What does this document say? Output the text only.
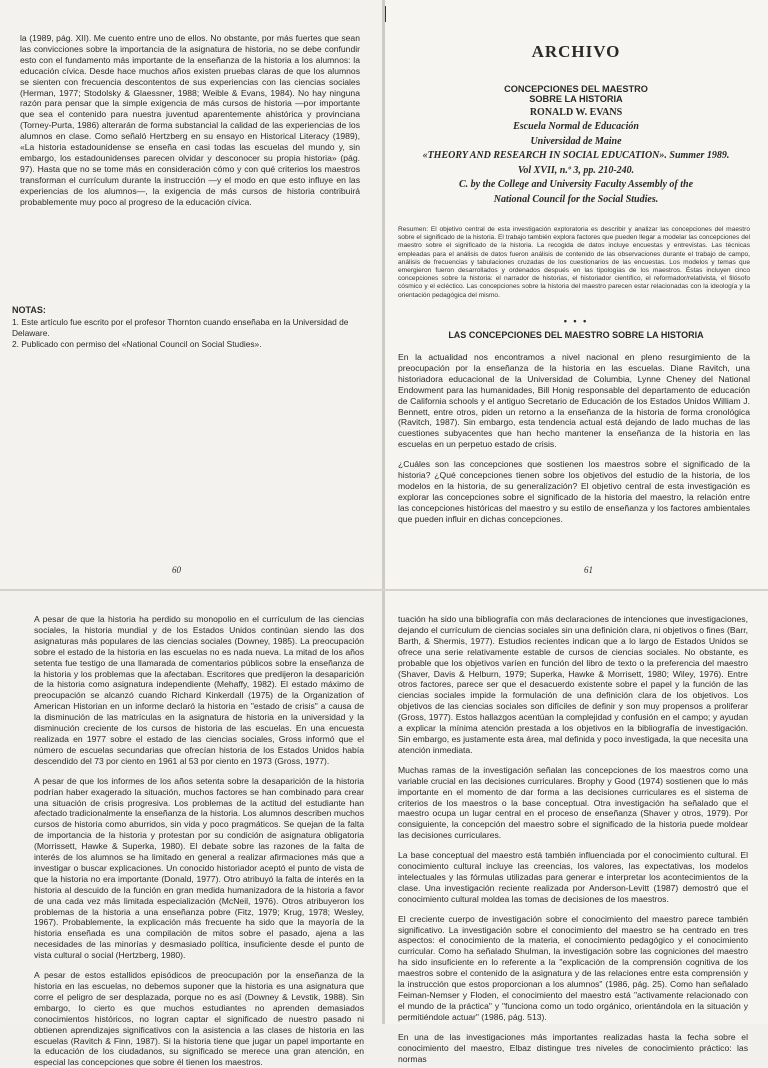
la (1989, pág. XII). Me cuento entre uno de ellos. No obstante, por más fuertes que sean las convicciones sobre la importancia de la asignatura de historia, no se debe confundir esto con el fundamento más importante de la enseñanza de la historia a los alumnos: la educación cívica. Desde hace muchos años existen pruebas claras de que los alumnos se sienten con frecuencia descontentos de sus experiencias con las ciencias sociales (Herman, 1977; Stodolsky & Glaessner, 1988; Weible & Evans, 1984). No hay ninguna razón para pensar que la simple exigencia de más cursos de historia —por importante que sea el contenido para nuestra juventud aparentemente ahistórica y provinciana (Torney-Purta, 1986) alterarán de forma substancial la calidad de las experiencias de los alumnos en clase. Como señaló Hertzberg en su ensayo en Historical Literacy (1989), «La historia estadounidense se enseña en casi todas las escuelas del mundo y, sin embargo, los estadounidenses parecen olvidar y desconocer su propia historia» (pág. 97). Hasta que no se tome más en consideración cómo y con qué criterios los maestros transforman el currículum durante la instrucción —y el modo en que esto influye en las experiencias de los alumnos—, la exigencia de más cursos de historia contribuirá probablemente muy poco al progreso de la educación cívica.

NOTAS:

1. Este artículo fue escrito por el profesor Thornton cuando enseñaba en la Universidad de Delaware.

2. Publicado con permiso del «National Council on Social Studies».

60
ARCHIVO
CONCEPCIONES DEL MAESTRO
SOBRE LA HISTORIA
RONALD W. EVANS
Escuela Normal de Educación
Universidad de Maine
«THEORY AND RESEARCH IN SOCIAL EDUCATION». Summer 1989.
Vol XVII, n.º 3, pp. 210-240.
C. by the College and University Faculty Assembly of the
National Council for the Social Studies.
Resumen: El objetivo central de esta investigación exploratoria es describir y analizar las concepciones del maestro sobre el significado de la historia. El trabajo también explora factores que pueden llegar a modelar las concepciones del maestro sobre el significado de la historia. La recogida de datos incluye encuestas y entrevistas. Las técnicas empleadas para el análisis de datos fueron análisis de contenido de las observaciones durante el trabajo de campo, análisis de frecuencias y tabulaciones cruzadas de los cuestionarios de las encuestas. Los modelos y temas que emergieron fueron desarrollados y ordenados después en las tipologías de los maestros. Éstas incluyen cinco concepciones sobre la historia: el narrador de historias, el historiador científico, el reformador/relativista, el filósofo cósmico y el ecléctico. Las concepciones sobre la historia del maestro parecen estar relacionadas con la ideología y la orientación pedagógica del mismo.
• • •
LAS CONCEPCIONES DEL MAESTRO SOBRE LA HISTORIA

En la actualidad nos encontramos a nivel nacional en pleno resurgimiento de la preocupación por la enseñanza de la historia en las escuelas. Diane Ravitch, una historiadora educacional de la Universidad de Columbia, Lynne Cheney del National Endowment para las humanidades, Bill Honig responsable del departamento de educación de California schools y el antiguo Secretario de Educación de los Estados Unidos William J. Bennett, entre otros, piden un retorno a la enseñanza de la historia de forma cronológica (Ravitch, 1987). Sin embargo, esta tendencia actual está dejando de lado muchas de las cuestiones subyacentes que han hecho mantener la enseñanza de la historia en las escuelas en un perpetuo estado de crisis.

¿Cuáles son las concepciones que sostienen los maestros sobre el significado de la historia? ¿Qué concepciones tienen sobre los objetivos del estudio de la historia, de los modelos en la historia, de su generalización? El objetivo central de esta investigación es explorar las concepciones sobre el significado de la historia del maestro, la relación entre las concepciones históricas del maestro y su estilo de enseñanza y los factores ambientales que pueden influir en dichas concepciones.

61

A pesar de que la historia ha perdido su monopolio en el currículum de las ciencias sociales, la historia mundial y de los Estados Unidos continúan siendo las dos asignaturas más populares de las ciencias sociales (Downey, 1985). La preocupación sobre el estado de la historia en las escuelas no es nada nueva. La mitad de los años setenta fue testigo de una llamarada de comentarios públicos sobre la enseñanza de la historia y los problemas que la afectaban. Escritores que predijeron la desaparición de la historia como asignatura independiente (Mehaffy, 1982). El estado máximo de preocupación se alcanzó cuando Richard Kinkerdall (1975) de la Organization of American Historian en un informe declaró la historia en "estado de crisis" a causa de la disminución de las matrículas en la asignatura de historia en la universidad y la disminución creciente de los cursos de historia de las escuelas. En una encuesta realizada en 1977 sobre el estado de las ciencias sociales, Gross informó que el número de escuelas secundarias que ofrecían historia de los Estados Unidos había descendido del 73 por ciento en 1961 al 53 por ciento en 1973 (Gross, 1977).

A pesar de que los informes de los años setenta sobre la desaparición de la historia podrían haber exagerado la situación, muchos factores se han combinado para crear una situación de crisis progresiva. Los problemas de la actitud del estudiante han afectado tradicionalmente la enseñanza de la historia. Los alumnos describen muchos cursos de historia como aburridos, sin vida y poco pragmáticos. Se quejan de la falta de importancia de la historia y protestan por su condición de asignatura obligatoria (Morrissett, Hawke & Superka, 1980). El debate sobre las razones de la falta de interés de los alumnos se ha limitado en general a realizar afirmaciones más que a investigar o buscar explicaciones. Un conocido historiador aceptó el punto de vista de que la historia no era importante (Donald, 1977). Otro atribuyó la falta de interés en la historia al descuido de la función en gran medida humanizadora de la historia a favor de una cada vez más limitada especialización (McNeil, 1976). Otros atribuyeron los problemas de la historia a una enseñanza pobre (Fitz, 1979; Krug, 1978; Wesley, 1967). Probablemente, la explicación más frecuente ha sido que la mayoría de la historia enseñada es una compilación de mitos sobre el pasado, ajena a las necesidades de las minorías y desmasiado política, insuficiente desde el punto de vista cultural o social (Hertzberg, 1980).

A pesar de estos estallidos episódicos de preocupación por la enseñanza de la historia en las escuelas, no debemos suponer que la historia es una asignatura que corre el peligro de ser desplazada, porque no es así (Downey & Levstik, 1988). Sin embargo, lo cierto es que muchos estudiantes no aprenden demasiados conocimientos históricos, no logran captar el significado de nuestro pasado ni obtienen aprendizajes significativos con la asistencia a las clases de historia en las escuelas (Ravitch & Finn, 1987). Si la historia tiene que jugar un papel importante en la educación de los ciudadanos, su significado se merece una gran atención, en especial las concepciones que sobre él tienen los maestros.

tuación ha sido una bibliografía con más declaraciones de intenciones que investigaciones, dejando el currículum de ciencias sociales sin una definición clara, ni objetivos o fines (Barr, Barth, & Shermis, 1977). Estudios recientes indican que a lo largo de Estados Unidos se ofrece una serie relativamente estable de cursos de ciencias sociales. No obstante, es probable que los objetivos varíen en función del libro de texto o la preferencia del maestro (Shaver, Davis & Helburn, 1979; Superka, Hawke & Morrisett, 1980; Wiley, 1976). Entre otros factores, parece ser que el desacuerdo existente sobre el papel y la función de las ciencias sociales impide la formulación de una definición clara de los objetivos. Los objetivos de las ciencias sociales son difíciles de definir y son muy propensos a proliferar (Gross, 1977). Estos hallazgos acentúan la complejidad y confusión en el campo; y ayudan a explicar la mínima atención prestada a los objetivos en la bibliografía de investigación. Sin embargo, es justamente esta área, mal definida y poco investigada, la que necesita una atención inmediata.

Muchas ramas de la investigación señalan las concepciones de los maestros como una variable crucial en las decisiones curriculares. Brophy y Good (1974) sostienen que lo más importante en el momento de dar forma a las decisiones curriculares es el sistema de criterios de los maestros o la base conceptual. Otra investigación ha señalado que el maestro ocupa un lugar central en el proceso de enseñanza (Shaver y otros, 1979). Por consiguiente, la concepción del maestro sobre el significado de la historia puede moldear las decisiones curriculares.

La base conceptual del maestro está también influenciada por el conocimiento cultural. El conocimiento cultural incluye las creencias, los valores, las expectativas, los modelos intelectuales y las fórmulas utilizadas para generar e interpretar los acontecimientos de la clase. Una investigación reciente realizada por Anderson-Levitt (1987) demostró que el conocimiento cultural moldea las tomas de decisiones de los maestros.

El creciente cuerpo de investigación sobre el conocimiento del maestro parece también significativo. La investigación sobre el conocimiento del maestro se ha centrado en tres aspectos: el conocimiento de la materia, el conocimiento pedagógico y el conocimiento curricular. Como ha señalado Shulman, la investigación sobre las cogniciones del maestro ha sido insuficiente en lo referente a la "explicación de la comprensión cognitiva de los maestros sobre el contenido de la asignatura y de las relaciones entre esta comprensión y la instrucción que estos proporcionan a los alumnos" (1986, pág. 25). Como han señalado Feiman-Nemser y Floden, el conocimiento del maestro está "activamente relacionado con el mundo de la práctica" y "funciona como un todo orgánico, orientándola en la situación y permitiéndole actuar" (1986, pág. 513).

En una de las investigaciones más importantes realizadas hasta la fecha sobre el conocimiento del maestro, Elbaz distingue tres niveles de conocimiento práctico: las normas
